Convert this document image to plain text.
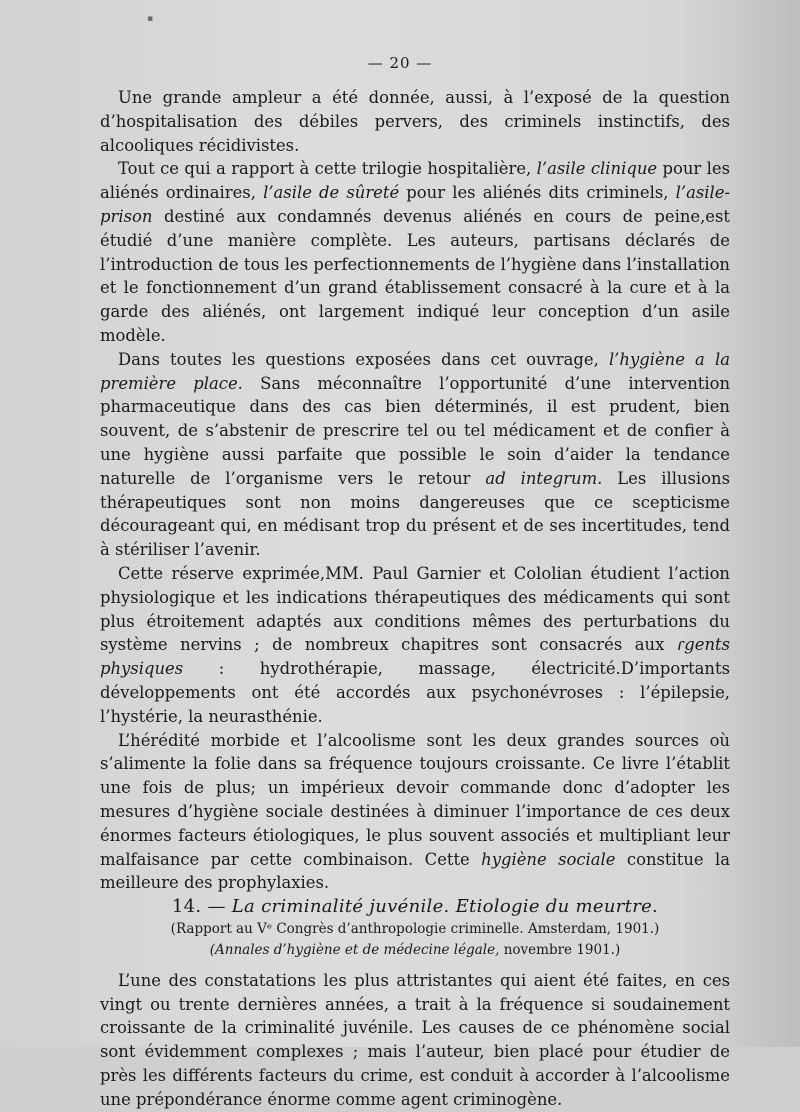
▪
— 20 —

Une grande ampleur a été donnée, aussi, à l’exposé de la question d’hospitalisation des débiles pervers, des criminels instinctifs, des alcooliques récidivistes.

Tout ce qui a rapport à cette trilogie hospitalière, l’asile clinique pour les aliénés ordinaires, l’asile de sûreté pour les aliénés dits criminels, l’asile-prison destiné aux condamnés devenus aliénés en cours de peine,est étudié d’une manière complète. Les auteurs, partisans déclarés de l’introduction de tous les perfectionnements de l’hygiène dans l’installation et le fonctionnement d’un grand établissement consacré à la cure et à la garde des aliénés, ont largement indiqué leur conception d’un asile modèle.

Dans toutes les questions exposées dans cet ouvrage, l’hygiène a la première place. Sans méconnaître l’opportunité d’une intervention pharmaceutique dans des cas bien déterminés, il est prudent, bien souvent, de s’abstenir de prescrire tel ou tel médicament et de confier à une hygiène aussi parfaite que possible le soin d’aider la tendance naturelle de l’organisme vers le retour ad integrum. Les illusions thérapeutiques sont non moins dangereuses que ce scepticisme décourageant qui, en médisant trop du présent et de ses incertitudes, tend à stériliser l’avenir.

Cette réserve exprimée,MM. Paul Garnier et Cololian étudient l’action physiologique et les indications thérapeutiques des médicaments qui sont plus étroitement adaptés aux conditions mêmes des perturbations du système nervins ; de nombreux chapitres sont consacrés aux ɾgents physiques : hydrothérapie, massage, électricité.D’importants développements ont été accordés aux psychonévroses : l’épilepsie, l’hystérie, la neurasthénie.

L’hérédité morbide et l’alcoolisme sont les deux grandes sources où s’alimente la folie dans sa fréquence toujours croissante. Ce livre l’établit une fois de plus; un impérieux devoir commande donc d’adopter les mesures d’hygiène sociale destinées à diminuer l’importance de ces deux énormes facteurs étiologiques, le plus souvent associés et multipliant leur malfaisance par cette combinaison. Cette hygiène sociale constitue la meilleure des prophylaxies.

14. — La criminalité juvénile. Etiologie du meurtre.

(Rapport au Vᵉ Congrès d’anthropologie criminelle. Amsterdam, 1901.)

(Annales d’hygiène et de médecine légale, novembre 1901.)

L’une des constatations les plus attristantes qui aient été faites, en ces vingt ou trente dernières années, a trait à la fréquence si soudainement croissante de la criminalité juvénile. Les causes de ce phénomène social sont évidemment complexes ; mais l’auteur, bien placé pour étudier de près les différents facteurs du crime, est conduit à accorder à l’alcoolisme une prépondérance énorme comme agent criminogène.
